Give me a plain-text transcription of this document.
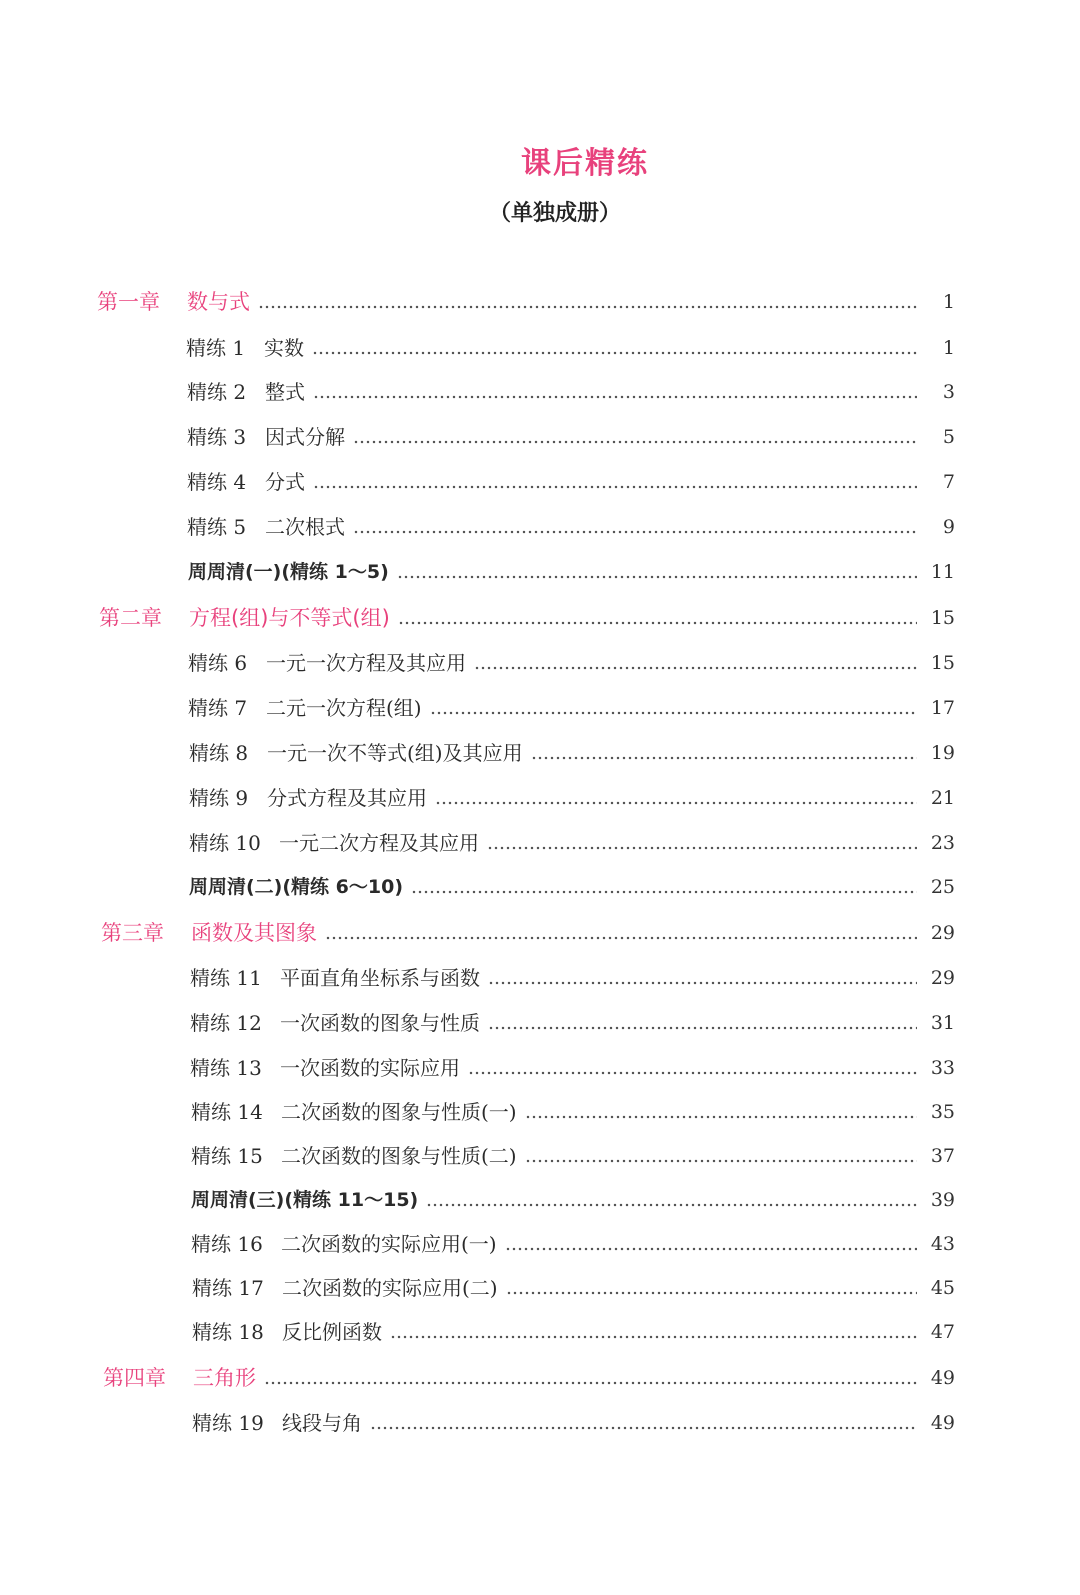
课后精练
（单独成册）
第一章	数与式	1
精练 1 实数	1
精练 2 整式	3
精练 3 因式分解	5
精练 4 分式	7
精练 5 二次根式	9
周周清(一)(精练 1～5)	11
第二章	方程(组)与不等式(组)	15
精练 6 一元一次方程及其应用	15
精练 7 二元一次方程(组)	17
精练 8 一元一次不等式(组)及其应用	19
精练 9 分式方程及其应用	21
精练 10 一元二次方程及其应用	23
周周清(二)(精练 6～10)	25
第三章	函数及其图象	29
精练 11 平面直角坐标系与函数	29
精练 12 一次函数的图象与性质	31
精练 13 一次函数的实际应用	33
精练 14 二次函数的图象与性质(一)	35
精练 15 二次函数的图象与性质(二)	37
周周清(三)(精练 11～15)	39
精练 16 二次函数的实际应用(一)	43
精练 17 二次函数的实际应用(二)	45
精练 18 反比例函数	47
第四章	三角形	49
精练 19 线段与角	49
